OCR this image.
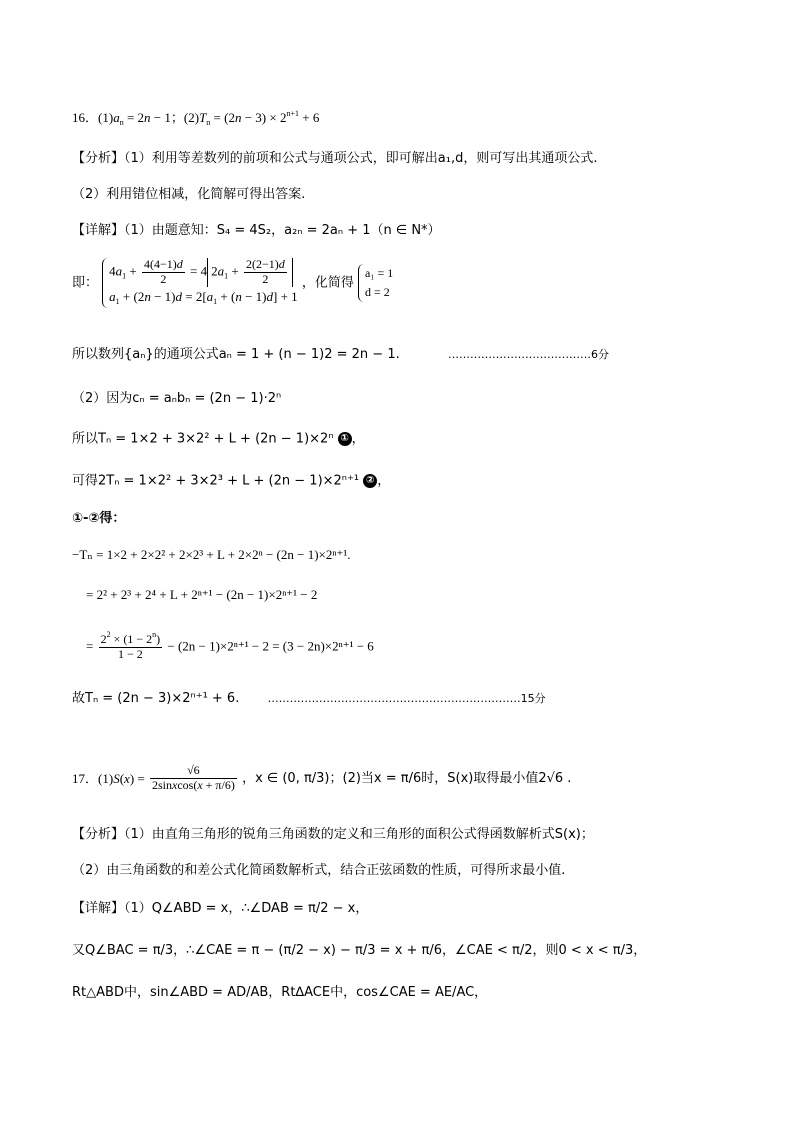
16．$(1)a_n = 2n - 1$；$(2)T_n = (2n - 3) \times 2^{n+1} + 6$
【分析】（1）利用等差数列的前项和公式与通项公式，即可解出a₁,d，则可写出其通项公式.
（2）利用错位相减，化简解可得出答案.
【详解】（1）由题意知：S₄ = 4S₂，a₂ₙ = 2aₙ + 1（n ∈ N*）
即：
$4a_1 + \frac{4(4-1)d}{2} = 4$ $2a_1 + \frac{2(2-1)d}{2}$
$a_1 + (2n - 1)d = 2[a_1 + (n - 1)d] + 1$
，化简得
a₁ = 1
d = 2
所以数列{aₙ}的通项公式aₙ = 1 + (n − 1)2 = 2n − 1.	…………………………………6分
（2）因为cₙ = aₙbₙ = (2n − 1)·2ⁿ
所以Tₙ = 1×2 + 3×2² + L + (2n − 1)×2ⁿ ① ，
可得2Tₙ = 1×2² + 3×2³ + L + (2n − 1)×2ⁿ⁺¹ ② ，
①-②得：
−Tₙ = 1×2 + 2×2² + 2×2³ + L + 2×2ⁿ − (2n − 1)×2ⁿ⁺¹.
= 2² + 2³ + 2⁴ + L + 2ⁿ⁺¹ − (2n − 1)×2ⁿ⁺¹ − 2
= $\frac{2^2 \times (1 - 2^n)}{1 - 2} - (2n - 1)\times 2^{n+1} - 2 = (3 - 2n)\times 2^{n+1} - 6$
故Tₙ = (2n − 3)×2ⁿ⁺¹ + 6.	……………………………………………………………15分
17．$(1)S(x) = \frac{√6}{\text{2sinxcos(x + π/6)}}$ ，x ∈ (0, π/3)；(2)当x = π/6时，S(x)取得最小值2√6 .
【分析】（1）由直角三角形的锐角三角函数的定义和三角形的面积公式得函数解析式S(x)；
（2）由三角函数的和差公式化简函数解析式，结合正弦函数的性质，可得所求最小值.
【详解】（1）Q∠ABD = x，∴∠DAB = π/2 − x，
又Q∠BAC = π/3，∴∠CAE = π − (π/2 − x) − π/3 = x + π/6，∠CAE < π/2，则0 < x < π/3，
Rt△ABD中，sin∠ABD = AD/AB，Rt∆ACE中，cos∠CAE = AE/AC，
